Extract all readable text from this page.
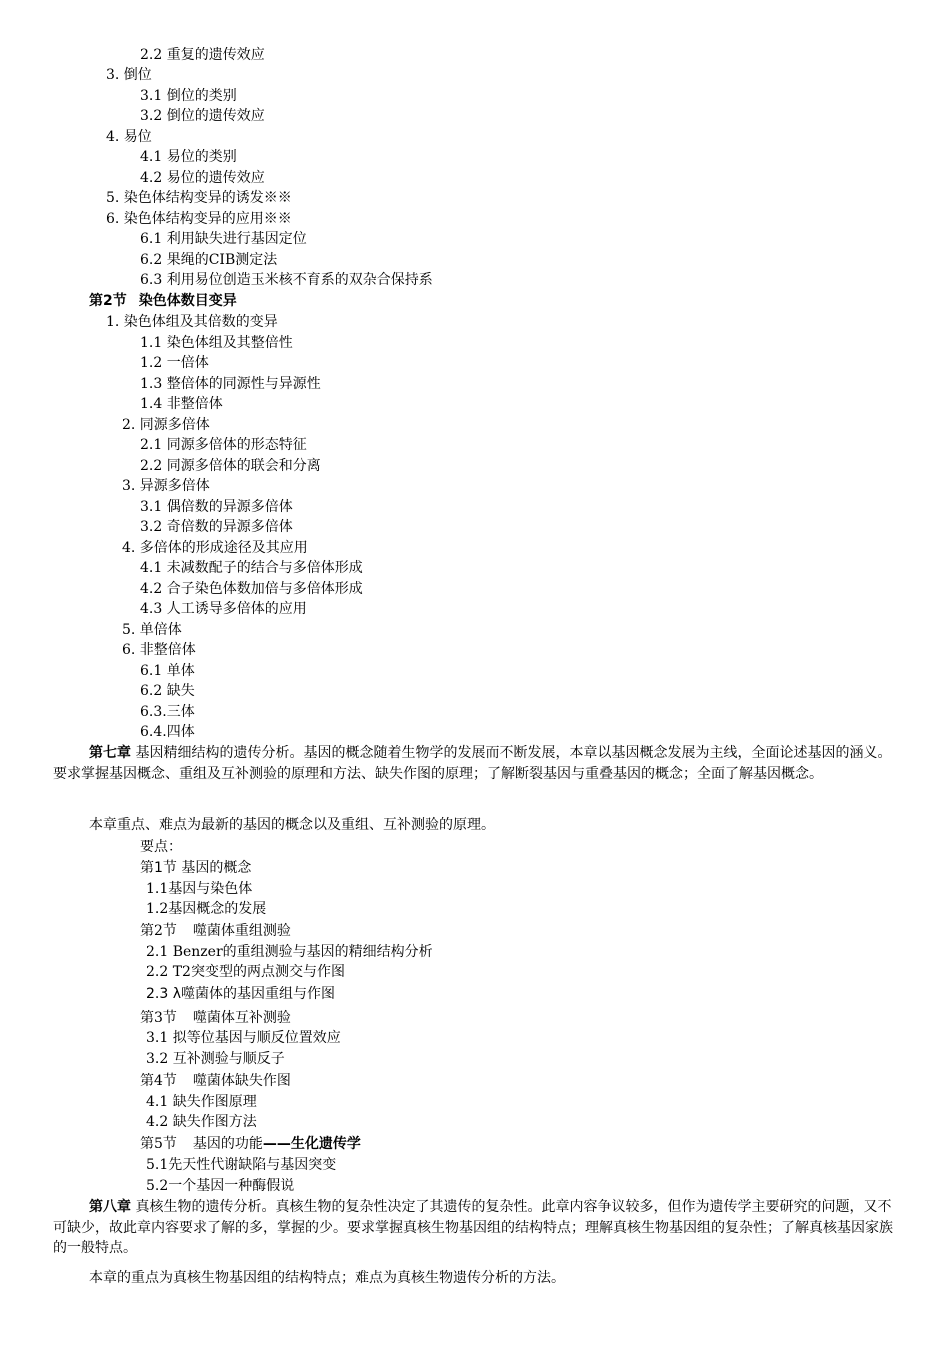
2.2 重复的遗传效应
3. 倒位
3.1 倒位的类别
3.2 倒位的遗传效应
4. 易位
4.1 易位的类别
4.2 易位的遗传效应
5. 染色体结构变异的诱发※※
6. 染色体结构变异的应用※※
6.1 利用缺失进行基因定位
6.2 果绳的CIB测定法
6.3 利用易位创造玉米核不育系的双杂合保持系
第2节 染色体数目变异
1. 染色体组及其倍数的变异
1.1 染色体组及其整倍性
1.2 一倍体
1.3 整倍体的同源性与异源性
1.4 非整倍体
2. 同源多倍体
2.1 同源多倍体的形态特征
2.2 同源多倍体的联会和分离
3. 异源多倍体
3.1 偶倍数的异源多倍体
3.2 奇倍数的异源多倍体
4. 多倍体的形成途径及其应用
4.1 未减数配子的结合与多倍体形成
4.2 合子染色体数加倍与多倍体形成
4.3 人工诱导多倍体的应用
5. 单倍体
6. 非整倍体
6.1 单体
6.2 缺失
6.3.三体
6.4.四体
第七章 基因精细结构的遗传分析。基因的概念随着生物学的发展而不断发展，本章以基因概念发展为主线，全面论述基因的涵义。要求掌握基因概念、重组及互补测验的原理和方法、缺失作图的原理；了解断裂基因与重叠基因的概念；全面了解基因概念。
本章重点、难点为最新的基因的概念以及重组、互补测验的原理。
要点：
第1节 基因的概念
1.1基因与染色体
1.2基因概念的发展
第2节 噬菌体重组测验
2.1 Benzer的重组测验与基因的精细结构分析
2.2 T2突变型的两点测交与作图
2.3 λ噬菌体的基因重组与作图
第3节 噬菌体互补测验
3.1 拟等位基因与顺反位置效应
3.2 互补测验与顺反子
第4节 噬菌体缺失作图
4.1 缺失作图原理
4.2 缺失作图方法
第5节 基因的功能——生化遗传学
5.1先天性代谢缺陷与基因突变
5.2一个基因一种酶假说
第八章 真核生物的遗传分析。真核生物的复杂性决定了其遗传的复杂性。此章内容争议较多，但作为遗传学主要研究的问题，又不可缺少，故此章内容要求了解的多，掌握的少。要求掌握真核生物基因组的结构特点；理解真核生物基因组的复杂性；了解真核基因家族的一般特点。
本章的重点为真核生物基因组的结构特点；难点为真核生物遗传分析的方法。
